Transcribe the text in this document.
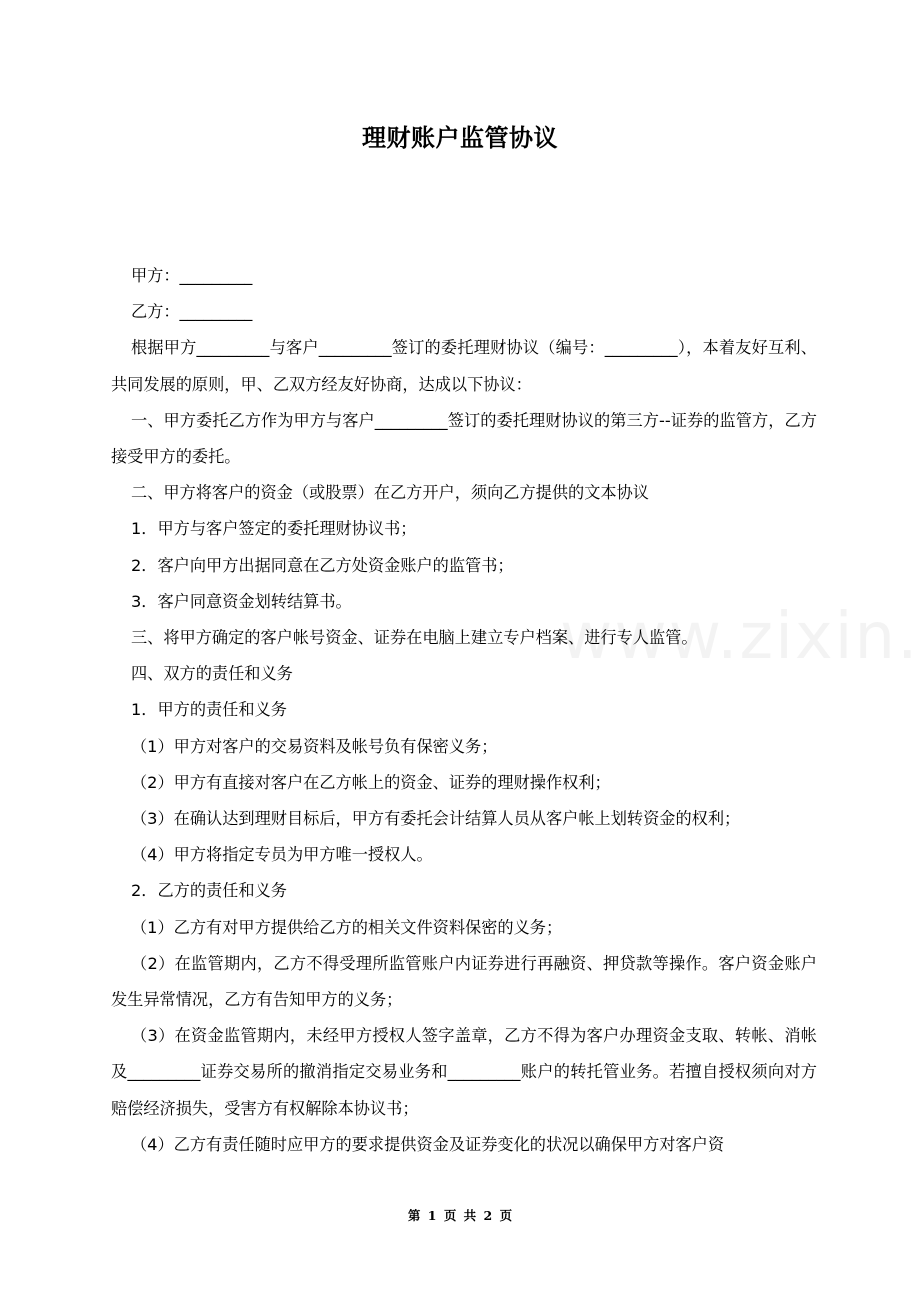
理财账户监管协议

甲方：_________

乙方：_________

根据甲方_________与客户_________签订的委托理财协议（编号：_________），本着友好互利、共同发展的原则，甲、乙双方经友好协商，达成以下协议：

一、甲方委托乙方作为甲方与客户_________签订的委托理财协议的第三方--证券的监管方，乙方接受甲方的委托。

二、甲方将客户的资金（或股票）在乙方开户，须向乙方提供的文本协议

1．甲方与客户签定的委托理财协议书；

2．客户向甲方出据同意在乙方处资金账户的监管书；

3．客户同意资金划转结算书。

三、将甲方确定的客户帐号资金、证券在电脑上建立专户档案、进行专人监管。

四、双方的责任和义务

1．甲方的责任和义务

（1）甲方对客户的交易资料及帐号负有保密义务；

（2）甲方有直接对客户在乙方帐上的资金、证券的理财操作权利；

（3）在确认达到理财目标后，甲方有委托会计结算人员从客户帐上划转资金的权利；

（4）甲方将指定专员为甲方唯一授权人。

2．乙方的责任和义务

（1）乙方有对甲方提供给乙方的相关文件资料保密的义务；

（2）在监管期内，乙方不得受理所监管账户内证券进行再融资、押贷款等操作。客户资金账户发生异常情况，乙方有告知甲方的义务；

（3）在资金监管期内，未经甲方授权人签字盖章，乙方不得为客户办理资金支取、转帐、消帐及_________证券交易所的撤消指定交易业务和_________账户的转托管业务。若擅自授权须向对方赔偿经济损失，受害方有权解除本协议书；

（4）乙方有责任随时应甲方的要求提供资金及证券变化的状况以确保甲方对客户资

第 1 页 共 2 页
